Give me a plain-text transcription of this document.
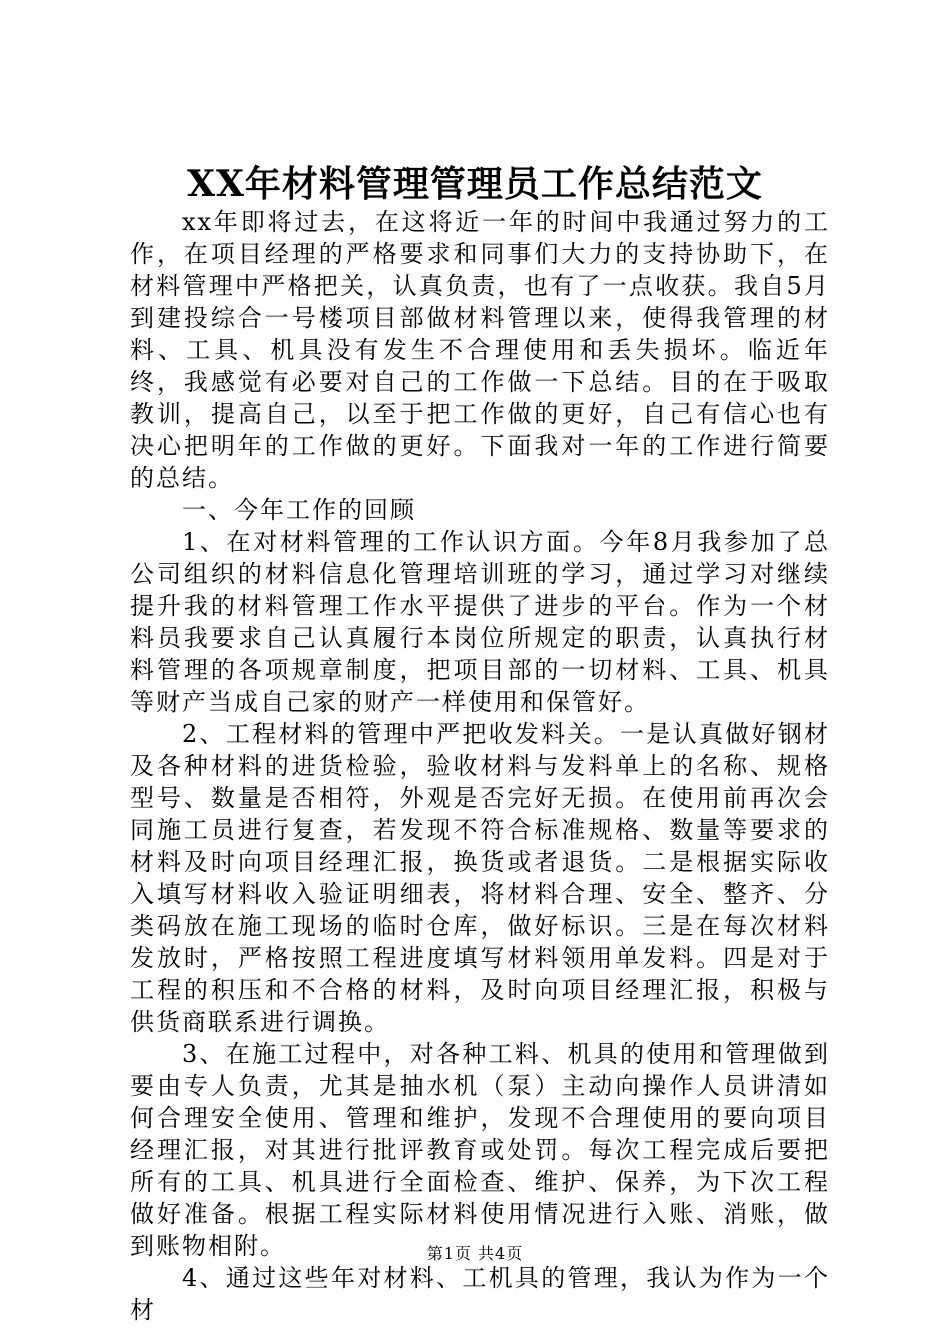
XX年材料管理管理员工作总结范文

xx年即将过去，在这将近一年的时间中我通过努力的工作，在项目经理的严格要求和同事们大力的支持协助下，在材料管理中严格把关，认真负责，也有了一点收获。我自5月到建投综合一号楼项目部做材料管理以来，使得我管理的材料、工具、机具没有发生不合理使用和丢失损坏。临近年终，我感觉有必要对自己的工作做一下总结。目的在于吸取教训，提高自己，以至于把工作做的更好，自己有信心也有决心把明年的工作做的更好。下面我对一年的工作进行简要的总结。

一、今年工作的回顾

1、在对材料管理的工作认识方面。今年8月我参加了总公司组织的材料信息化管理培训班的学习，通过学习对继续提升我的材料管理工作水平提供了进步的平台。作为一个材料员我要求自己认真履行本岗位所规定的职责，认真执行材料管理的各项规章制度，把项目部的一切材料、工具、机具等财产当成自己家的财产一样使用和保管好。

2、工程材料的管理中严把收发料关。一是认真做好钢材及各种材料的进货检验，验收材料与发料单上的名称、规格型号、数量是否相符，外观是否完好无损。在使用前再次会同施工员进行复查，若发现不符合标准规格、数量等要求的材料及时向项目经理汇报，换货或者退货。二是根据实际收入填写材料收入验证明细表，将材料合理、安全、整齐、分类码放在施工现场的临时仓库，做好标识。三是在每次材料发放时，严格按照工程进度填写材料领用单发料。四是对于工程的积压和不合格的材料，及时向项目经理汇报，积极与供货商联系进行调换。

3、在施工过程中，对各种工料、机具的使用和管理做到要由专人负责，尤其是抽水机（泵）主动向操作人员讲清如何合理安全使用、管理和维护，发现不合理使用的要向项目经理汇报，对其进行批评教育或处罚。每次工程完成后要把所有的工具、机具进行全面检查、维护、保养，为下次工程做好准备。根据工程实际材料使用情况进行入账、消账，做到账物相附。

4、通过这些年对材料、工机具的管理，我认为作为一个材

第1页 共4页
